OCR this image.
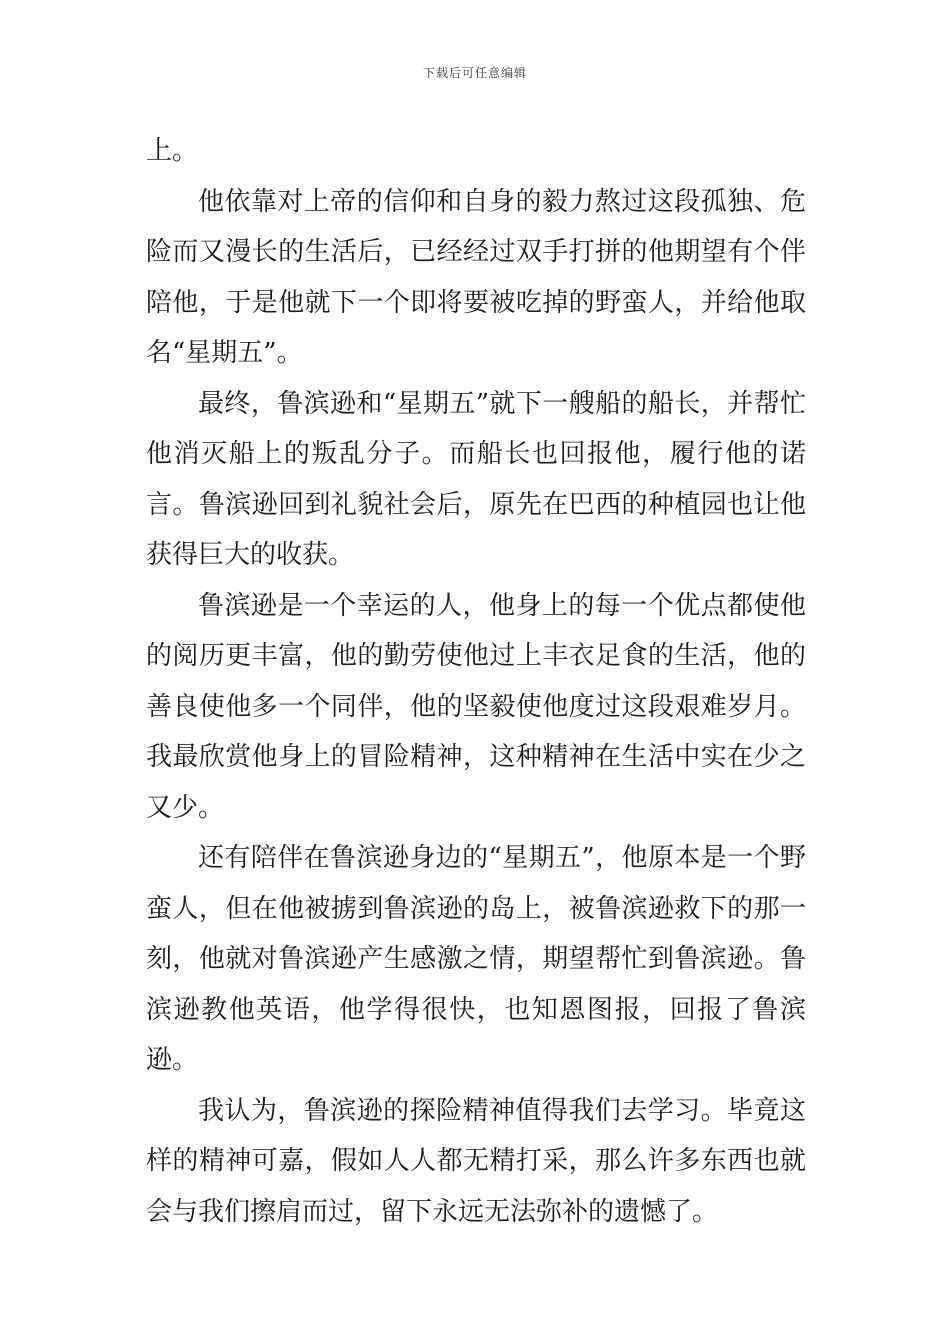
下载后可任意编辑

上。

他依靠对上帝的信仰和自身的毅力熬过这段孤独、危险而又漫长的生活后，已经经过双手打拼的他期望有个伴陪他，于是他就下一个即将要被吃掉的野蛮人，并给他取名“星期五”。

最终，鲁滨逊和“星期五”就下一艘船的船长，并帮忙他消灭船上的叛乱分子。而船长也回报他，履行他的诺言。鲁滨逊回到礼貌社会后，原先在巴西的种植园也让他获得巨大的收获。

鲁滨逊是一个幸运的人，他身上的每一个优点都使他的阅历更丰富，他的勤劳使他过上丰衣足食的生活，他的善良使他多一个同伴，他的坚毅使他度过这段艰难岁月。我最欣赏他身上的冒险精神，这种精神在生活中实在少之又少。

还有陪伴在鲁滨逊身边的“星期五”，他原本是一个野蛮人，但在他被掳到鲁滨逊的岛上，被鲁滨逊救下的那一刻，他就对鲁滨逊产生感激之情，期望帮忙到鲁滨逊。鲁滨逊教他英语，他学得很快，也知恩图报，回报了鲁滨逊。

我认为，鲁滨逊的探险精神值得我们去学习。毕竟这样的精神可嘉，假如人人都无精打采，那么许多东西也就会与我们擦肩而过，留下永远无法弥补的遗憾了。
